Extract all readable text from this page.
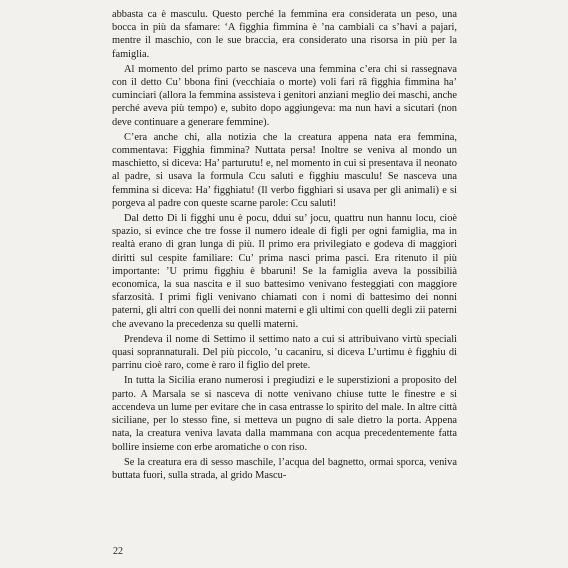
abbasta ca è masculu. Questo perché la femmina era considerata un peso, una bocca in più da sfamare: ‘A figghia fimmina è ’na cambiali ca s’havi a pajari, mentre il maschio, con le sue braccia, era considerato una risorsa in più per la famiglia.

Al momento del primo parto se nasceva una femmina c’era chi si rassegnava con il detto Cu’ bbona fini (vecchiaia o morte) voli fari râ figghia fimmina ha’ cuminciari (allora la femmina assisteva i genitori anziani meglio dei maschi, anche perché aveva più tempo) e, subito dopo aggiungeva: ma nun havi a sicutari (non deve continuare a generare femmine).

C’era anche chi, alla notizia che la creatura appena nata era femmina, commentava: Figghia fimmina? Nuttata persa! Inoltre se veniva al mondo un maschietto, si diceva: Ha’ parturutu! e, nel momento in cui si presentava il neonato al padre, si usava la formula Ccu saluti e figghiu masculu! Se nasceva una femmina si diceva: Ha’ figghiatu! (Il verbo figghiari si usava per gli animali) e si porgeva al padre con queste scarne parole: Ccu saluti!

Dal detto Di li figghi unu è pocu, ddui su’ jocu, quattru nun hannu locu, cioè spazio, si evince che tre fosse il numero ideale di figli per ogni famiglia, ma in realtà erano di gran lunga di più. Il primo era privilegiato e godeva di maggiori diritti sul cespite familiare: Cu’ prima nasci prima pasci. Era ritenuto il più importante: ’U primu figghiu è bbaruni! Se la famiglia aveva la possibilià economica, la sua nascita e il suo battesimo venivano festeggiati con maggiore sfarzosità. I primi figli venivano chiamati con i nomi di battesimo dei nonni paterni, gli altri con quelli dei nonni materni e gli ultimi con quelli degli zii paterni che avevano la precedenza su quelli materni.

Prendeva il nome di Settimo il settimo nato a cui si attribuivano virtù speciali quasi soprannaturali. Del più piccolo, ’u cacaniru, si diceva L’urtimu è figghiu di parrinu cioè raro, come è raro il figlio del prete.

In tutta la Sicilia erano numerosi i pregiudizi e le superstizioni a proposito del parto. A Marsala se si nasceva di notte venivano chiuse tutte le finestre e si accendeva un lume per evitare che in casa entrasse lo spirito del male. In altre città siciliane, per lo stesso fine, si metteva un pugno di sale dietro la porta. Appena nata, la creatura veniva lavata dalla mammana con acqua precedentemente fatta bollire insieme con erbe aromatiche o con riso.

Se la creatura era di sesso maschile, l’acqua del bagnetto, ormai sporca, veniva buttata fuori, sulla strada, al grido Mascu-

22
